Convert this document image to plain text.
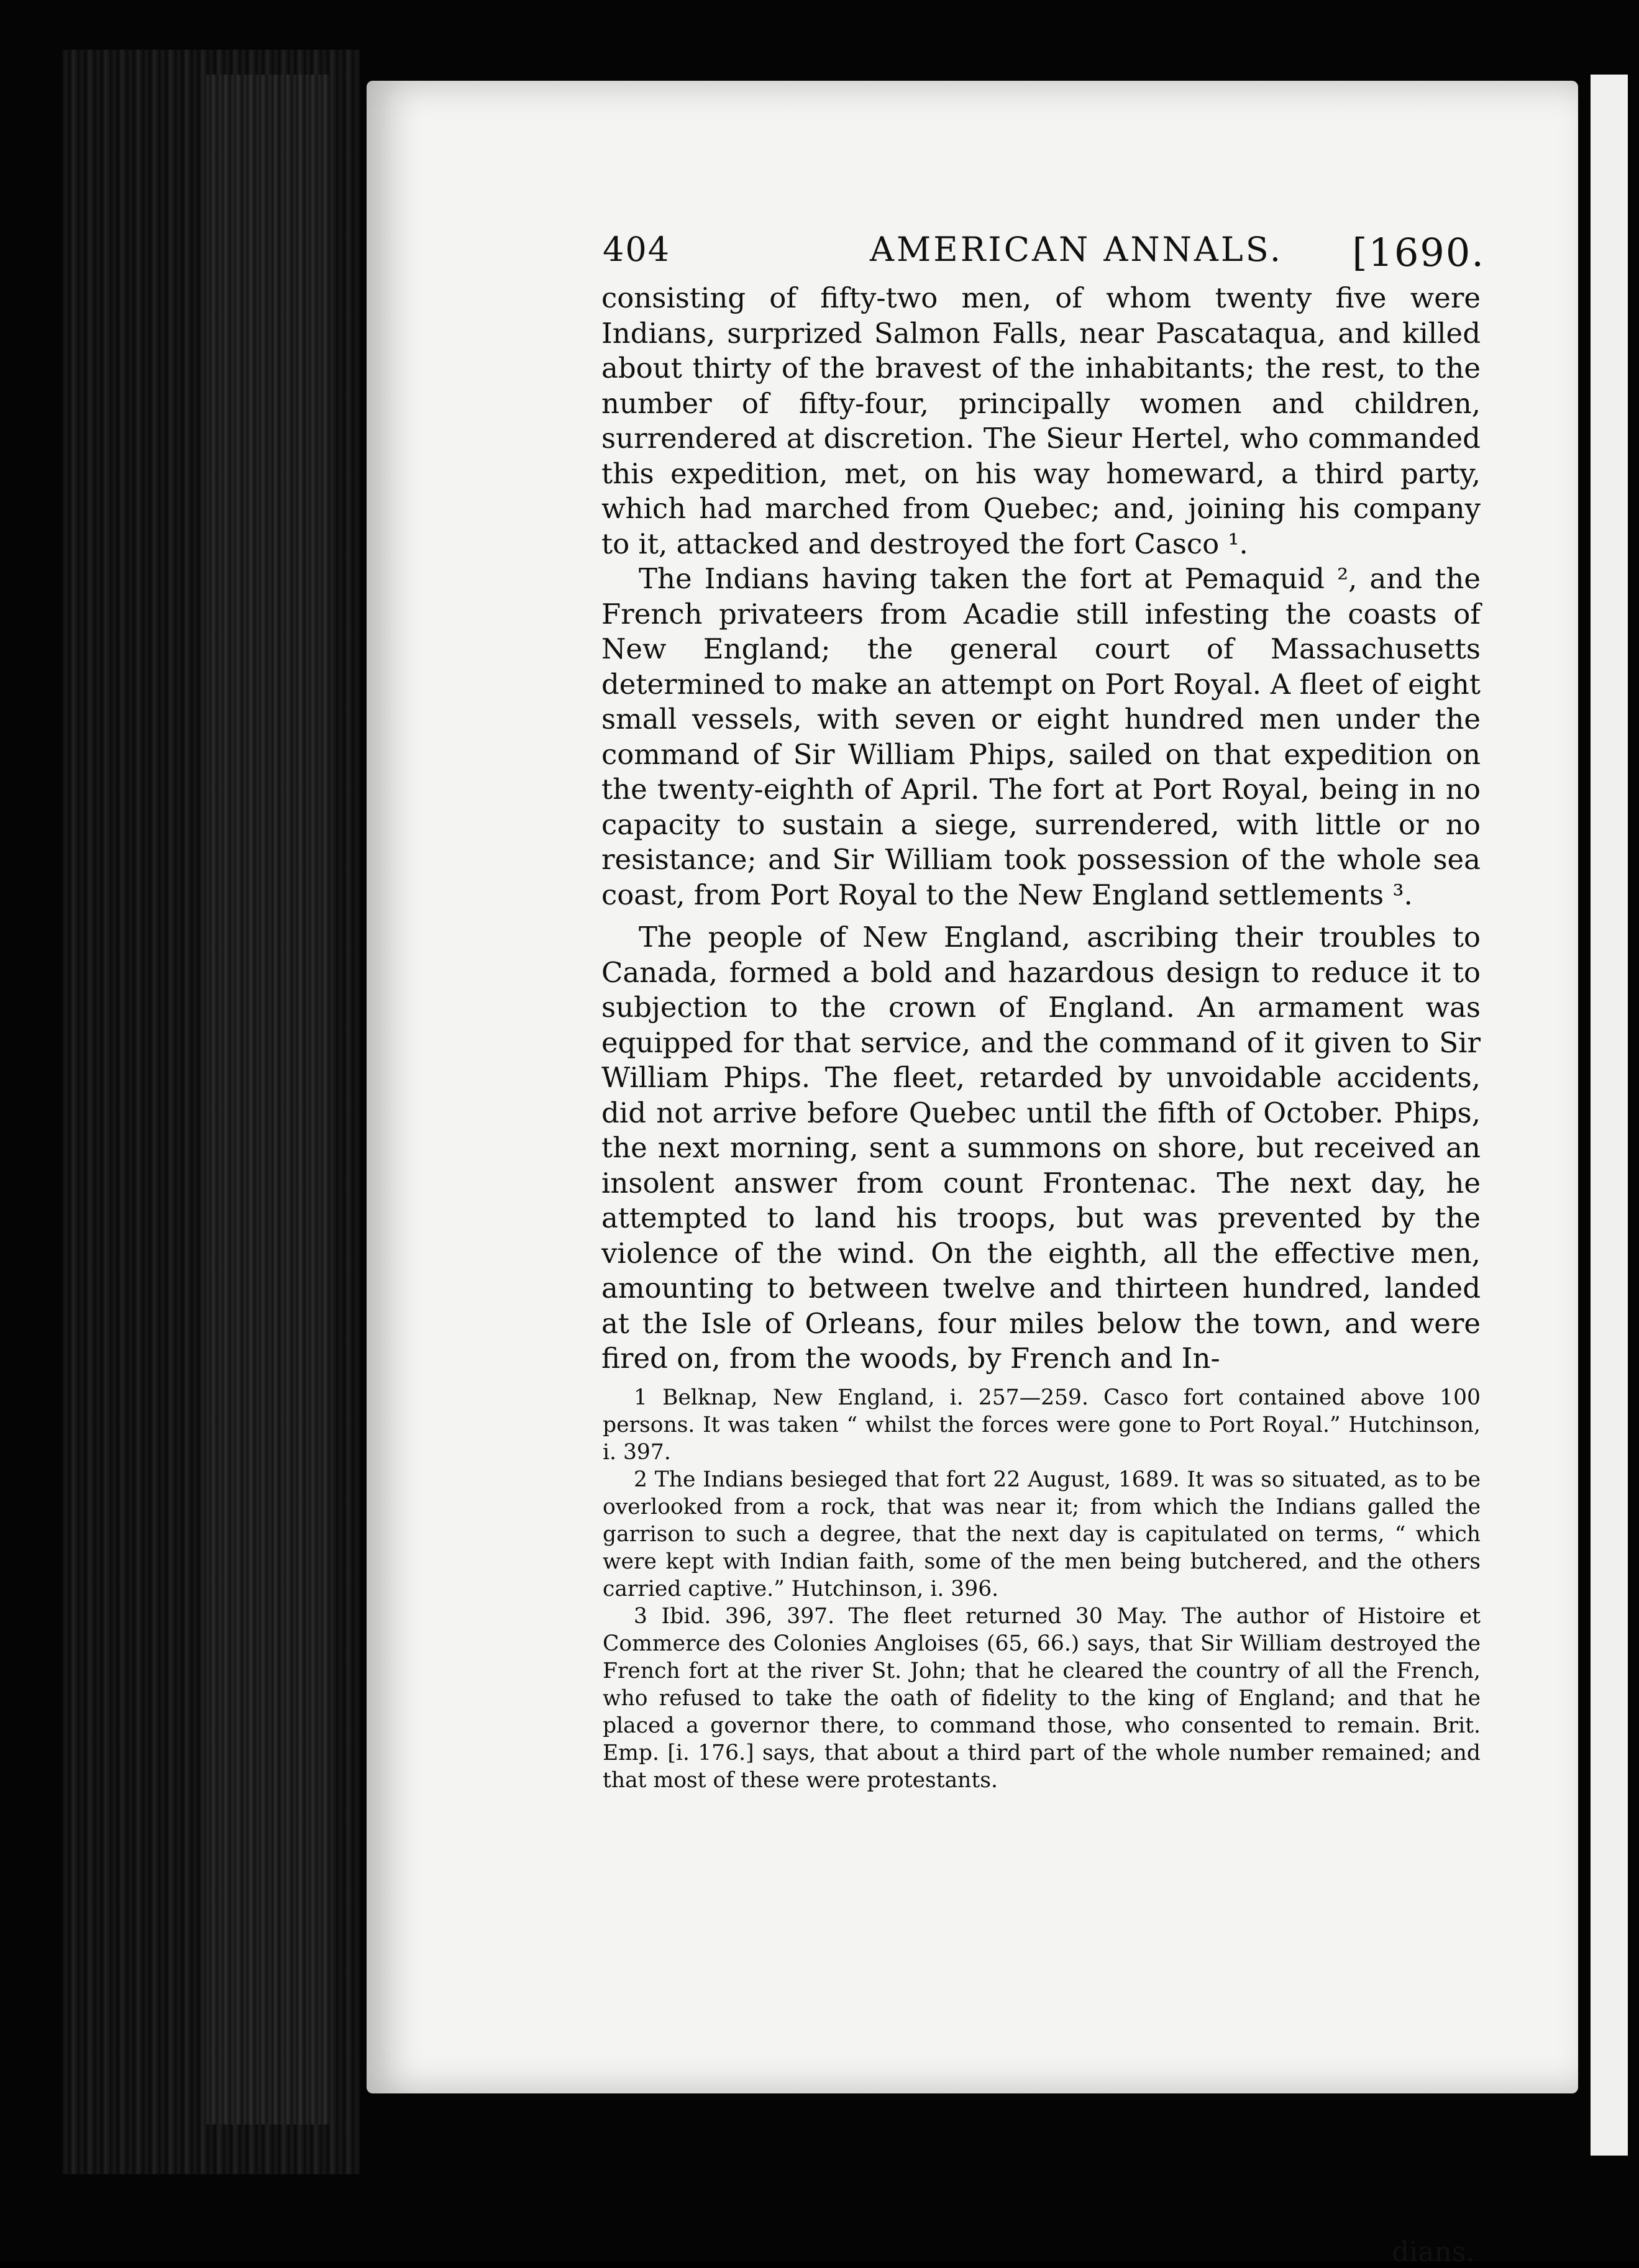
404	AMERICAN ANNALS. [1690.

consisting of fifty-two men, of whom twenty five were Indians, surprized Salmon Falls, near Pascataqua, and killed about thirty of the bravest of the inhabitants; the rest, to the number of fifty-four, principally women and children, surrendered at discretion. The Sieur Hertel, who commanded this expedition, met, on his way homeward, a third party, which had marched from Quebec; and, joining his company to it, attacked and destroyed the fort Casco ¹.

The Indians having taken the fort at Pemaquid ², and the French privateers from Acadie still infesting the coasts of New England; the general court of Massachusetts determined to make an attempt on Port Royal. A fleet of eight small vessels, with seven or eight hundred men under the command of Sir William Phips, sailed on that expedition on the twenty-eighth of April. The fort at Port Royal, being in no capacity to sustain a siege, surrendered, with little or no resistance; and Sir William took possession of the whole sea coast, from Port Royal to the New England settlements ³.

The people of New England, ascribing their troubles to Canada, formed a bold and hazardous design to reduce it to subjection to the crown of England. An armament was equipped for that service, and the command of it given to Sir William Phips. The fleet, retarded by unvoidable accidents, did not arrive before Quebec until the fifth of October. Phips, the next morning, sent a summons on shore, but received an insolent answer from count Frontenac. The next day, he attempted to land his troops, but was prevented by the violence of the wind. On the eighth, all the effective men, amounting to between twelve and thirteen hundred, landed at the Isle of Orleans, four miles below the town, and were fired on, from the woods, by French and In-

1 Belknap, New England, i. 257—259. Casco fort contained above 100 persons. It was taken “ whilst the forces were gone to Port Royal.” Hutchinson, i. 397.

2 The Indians besieged that fort 22 August, 1689. It was so situated, as to be overlooked from a rock, that was near it; from which the Indians galled the garrison to such a degree, that the next day is capitulated on terms, “ which were kept with Indian faith, some of the men being butchered, and the others carried captive.” Hutchinson, i. 396.

3 Ibid. 396, 397. The fleet returned 30 May. The author of Histoire et Commerce des Colonies Angloises (65, 66.) says, that Sir William destroyed the French fort at the river St. John; that he cleared the country of all the French, who refused to take the oath of fidelity to the king of England; and that he placed a governor there, to command those, who consented to remain. Brit. Emp. [i. 176.] says, that about a third part of the whole number remained; and that most of these were protestants.

dians.
